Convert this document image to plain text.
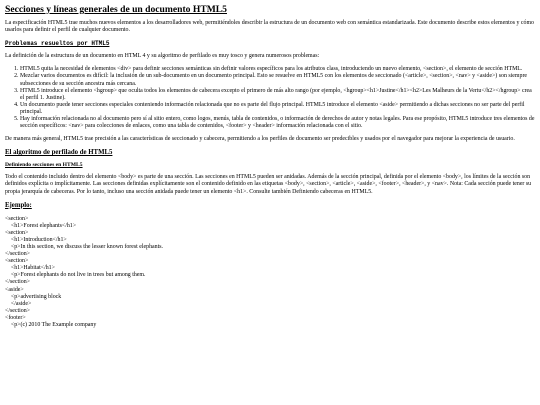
Secciones y líneas generales de un documento HTML5

La especificación HTML5 trae muchos nuevos elementos a los desarrolladores web, permitiéndoles describir la estructura de un documento web con semántica estandarizada. Este documento describe estos elementos y cómo usarlos para definir el perfil de cualquier documento.

Problemas resueltos por HTML5

La definición de la estructura de un documento en HTML 4 y su algoritmo de perfilado es muy tosco y genera numerosos problemas:

1. HTML5 quita la necesidad de elementos <div> para definir secciones semánticas sin definir valores específicos para los atributos class, introduciendo un nuevo elemento, <section>, el elemento de sección HTML.
2. Mezclar varios documentos es difícil: la inclusión de un sub-documento en un documento principal. Esto se resuelve en HTML5 con los elementos de seccionado (<article>, <section>, <nav> y <aside>) son siempre subsecciones de su sección ancestra más cercana.
3. HTML5 introduce el elemento <hgroup> que oculta todos los elementos de cabecera excepto el primero de más alto rango (por ejemplo, <hgroup><h1>Justine</h1><h2>Les Malheurs de la Vertu</h2></hgroup> crea el perfil 1. Justine).
4. Un documento puede tener secciones especiales conteniendo información relacionada que no es parte del flujo principal. HTML5 introduce el elemento <aside> permitiendo a dichas secciones no ser parte del perfil principal.
5. Hay información relacionada no al documento pero sí al sitio entero, como logos, menús, tabla de contenidos, o información de derechos de autor y notas legales. Para ese propósito, HTML5 introduce tres elementos de sección específicos: <nav> para colecciones de enlaces, como una tabla de contenidos, <footer> y <header> información relacionada con el sitio.

De manera más general, HTML5 trae precisión a las características de seccionado y cabecera, permitiendo a los perfiles de documento ser predecibles y usados por el navegador para mejorar la experiencia de usuario.

El algoritmo de perfilado de HTML5
Definiendo secciones en HTML5

Todo el contenido incluido dentro del elemento <body> es parte de una sección. Las secciones en HTML5 pueden ser anidadas. Además de la sección principal, definida por el elemento <body>, los límites de la sección son definidos explícita o implícitamente. Las secciones definidas explícitamente son el contenido definido en las etiquetas <body>, <section>, <article>, <aside>, <footer>, <header>, y <nav>. Nota: Cada sección puede tener su propia jerarquía de cabeceras. Por lo tanto, incluso una sección anidada puede tener un elemento <h1>. Consulte también Definiendo cabeceras en HTML5.

Ejemplo:
<section>
<h1>Forest elephants</h1>
<section>
<h1>Introduction</h1>
<p>In this section, we discuss the lesser known forest elephants.
</section>
<section>
<h1>Habitat</h1>
<p>Forest elephants do not live in trees but among them.
</section>
<aside>
<p>advertising block
</aside>
</section>
<footer>
<p>(c) 2010 The Example company
